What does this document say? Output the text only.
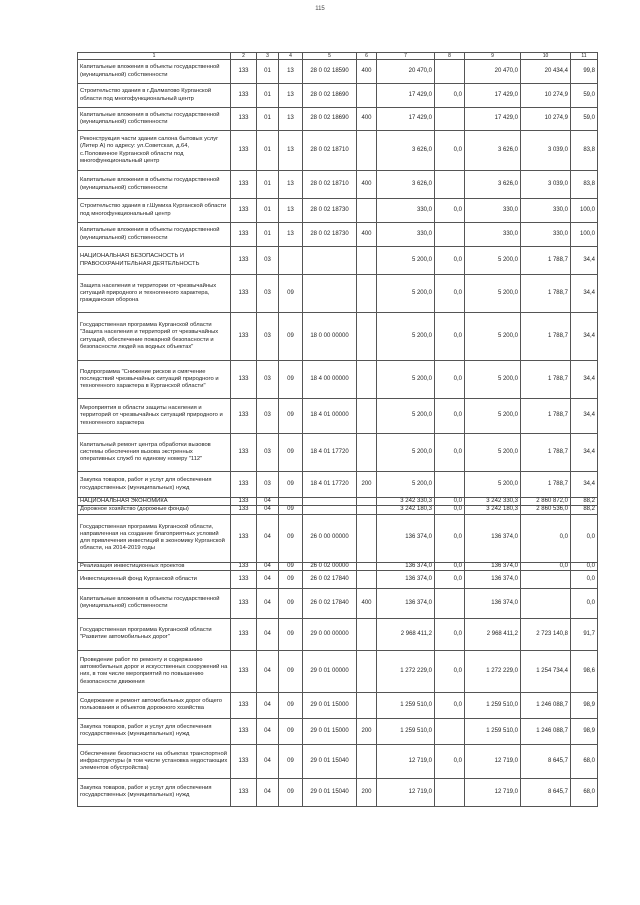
115
1	2	3	4	5	6	7	8	9	10	11
Капитальные вложения в объекты государственной (муниципальной) собственности	133	01	13	28 0 02 18590	400	20 470,0		20 470,0	20 434,4	99,8
Строительство здания в г.Далматово Курганской области под многофункциональный центр	133	01	13	28 0 02 18690		17 429,0	0,0	17 429,0	10 274,9	59,0
Капитальные вложения в объекты государственной (муниципальной) собственности	133	01	13	28 0 02 18690	400	17 429,0		17 429,0	10 274,9	59,0
Реконструкция части здания салона бытовых услуг (Литер А) по адресу: ул.Советская, д.64, с.Половинное Курганской области под многофункциональный центр	133	01	13	28 0 02 18710		3 626,0	0,0	3 626,0	3 039,0	83,8
Капитальные вложения в объекты государственной (муниципальной) собственности	133	01	13	28 0 02 18710	400	3 626,0		3 626,0	3 039,0	83,8
Строительство здания в г.Шумиха Курганской области под многофункциональный центр	133	01	13	28 0 02 18730		330,0	0,0	330,0	330,0	100,0
Капитальные вложения в объекты государственной (муниципальной) собственности	133	01	13	28 0 02 18730	400	330,0		330,0	330,0	100,0
НАЦИОНАЛЬНАЯ БЕЗОПАСНОСТЬ И ПРАВООХРАНИТЕЛЬНАЯ ДЕЯТЕЛЬНОСТЬ	133	03				5 200,0	0,0	5 200,0	1 788,7	34,4
Защита населения и территории от чрезвычайных ситуаций природного и техногенного характера, гражданская оборона	133	03	09			5 200,0	0,0	5 200,0	1 788,7	34,4
Государственная программа Курганской области "Защита населения и территорий от чрезвычайных ситуаций, обеспечение пожарной безопасности и безопасности людей на водных объектах"	133	03	09	18 0 00 00000		5 200,0	0,0	5 200,0	1 788,7	34,4
Подпрограмма "Снижение рисков и смягчение последствий чрезвычайных ситуаций природного и техногенного характера в Курганской области"	133	03	09	18 4 00 00000		5 200,0	0,0	5 200,0	1 788,7	34,4
Мероприятия в области защиты населения и территорий от чрезвычайных ситуаций природного и техногенного характера	133	03	09	18 4 01 00000		5 200,0	0,0	5 200,0	1 788,7	34,4
Капитальный ремонт центра обработки вызовов системы обеспечения вызова экстренных оперативных служб по единому номеру "112"	133	03	09	18 4 01 17720		5 200,0	0,0	5 200,0	1 788,7	34,4
Закупка товаров, работ и услуг для обеспечения государственных (муниципальных) нужд	133	03	09	18 4 01 17720	200	5 200,0		5 200,0	1 788,7	34,4
НАЦИОНАЛЬНАЯ ЭКОНОМИКА	133	04				3 242 330,3	0,0	3 242 330,3	2 860 872,0	88,2
Дорожное хозяйство (дорожные фонды)	133	04	09			3 242 180,3	0,0	3 242 180,3	2 860 536,0	88,2
Государственная программа Курганской области, направленная на создание благоприятных условий для привлечения инвестиций в экономику Курганской области, на 2014-2019 годы	133	04	09	26 0 00 00000		136 374,0	0,0	136 374,0	0,0	0,0
Реализация инвестиционных проектов	133	04	09	26 0 02 00000		136 374,0	0,0	136 374,0	0,0	0,0
Инвестиционный фонд Курганской области	133	04	09	26 0 02 17840		136 374,0	0,0	136 374,0		0,0
Капитальные вложения в объекты государственной (муниципальной) собственности	133	04	09	26 0 02 17840	400	136 374,0		136 374,0		0,0
Государственная программа Курганской области "Развитие автомобильных дорог"	133	04	09	29 0 00 00000		2 968 411,2	0,0	2 968 411,2	2 723 140,8	91,7
Проведение работ по ремонту и содержанию автомобильных дорог и искусственных сооружений на них, в том числе мероприятий по повышению безопасности движения	133	04	09	29 0 01 00000		1 272 229,0	0,0	1 272 229,0	1 254 734,4	98,6
Содержание и ремонт автомобильных дорог общего пользования и объектов дорожного хозяйства	133	04	09	29 0 01 15000		1 259 510,0	0,0	1 259 510,0	1 246 088,7	98,9
Закупка товаров, работ и услуг для обеспечения государственных (муниципальных) нужд	133	04	09	29 0 01 15000	200	1 259 510,0		1 259 510,0	1 246 088,7	98,9
Обеспечение безопасности на объектах транспортной инфраструктуры (в том числе установка недостающих элементов обустройства)	133	04	09	29 0 01 15040		12 719,0	0,0	12 719,0	8 645,7	68,0
Закупка товаров, работ и услуг для обеспечения государственных (муниципальных) нужд	133	04	09	29 0 01 15040	200	12 719,0		12 719,0	8 645,7	68,0
